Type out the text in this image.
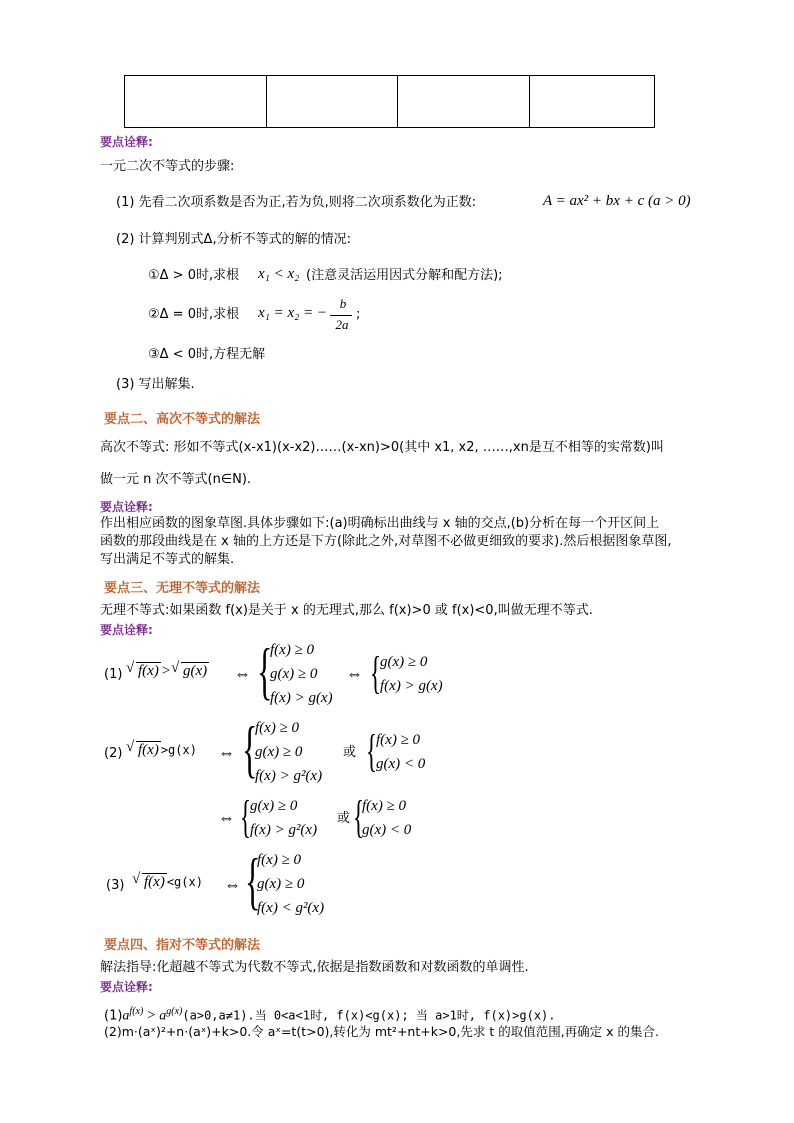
要点诠释:
一元二次不等式的步骤:
(1) 先看二次项系数是否为正,若为负,则将二次项系数化为正数:	A = ax² + bx + c (a > 0)
(2) 计算判别式Δ,分析不等式的解的情况:
①Δ > 0时,求根 x₁ < x₂ (注意灵活运用因式分解和配方法);
②Δ = 0时,求根 x₁ = x₂ = −
b
2a
;
③Δ < 0时,方程无解
(3) 写出解集.
要点二、高次不等式的解法
高次不等式: 形如不等式(x-x1)(x-x2)……(x-xn)>0(其中 x1, x2, ……,xn是互不相等的实常数)叫
做一元 n 次不等式(n∈N).
要点诠释:
作出相应函数的图象草图.具体步骤如下:(a)明确标出曲线与 x 轴的交点,(b)分析在每一个开区间上
函数的那段曲线是在 x 轴的上方还是下方(除此之外,对草图不必做更细致的要求).然后根据图象草图,
写出满足不等式的解集.
要点三、无理不等式的解法
无理不等式:如果函数 f(x)是关于 x 的无理式,那么 f(x)>0 或 f(x)<0,叫做无理不等式.
要点诠释:
(1) √ f(x) > √ g(x) ⇔ {
f(x) ≥ 0
g(x) ≥ 0
f(x) > g(x)
⇔ {
g(x) ≥ 0
f(x) > g(x)
(2) √ f(x) >g(x) ⇔ {
f(x) ≥ 0
g(x) ≥ 0
f(x) > g²(x)
或 {
f(x) ≥ 0
g(x) < 0
⇔ {
g(x) ≥ 0
f(x) > g²(x)
或 {
f(x) ≥ 0
g(x) < 0
(3) √ f(x) <g(x) ⇔ {
f(x) ≥ 0
g(x) ≥ 0
f(x) < g²(x)
要点四、指对不等式的解法
解法指导:化超越不等式为代数不等式,依据是指数函数和对数函数的单调性.
要点诠释:
$(1)a^{f(x)} > a^{g(x)}(a>0,a\ne 1)$.当 0<a<1时, f(x)<g(x); 当 a>1时, f(x)>g(x).
(2)m·(aˣ)²+n·(aˣ)+k>0.令 aˣ=t(t>0),转化为 mt²+nt+k>0,先求 t 的取值范围,再确定 x 的集合.
